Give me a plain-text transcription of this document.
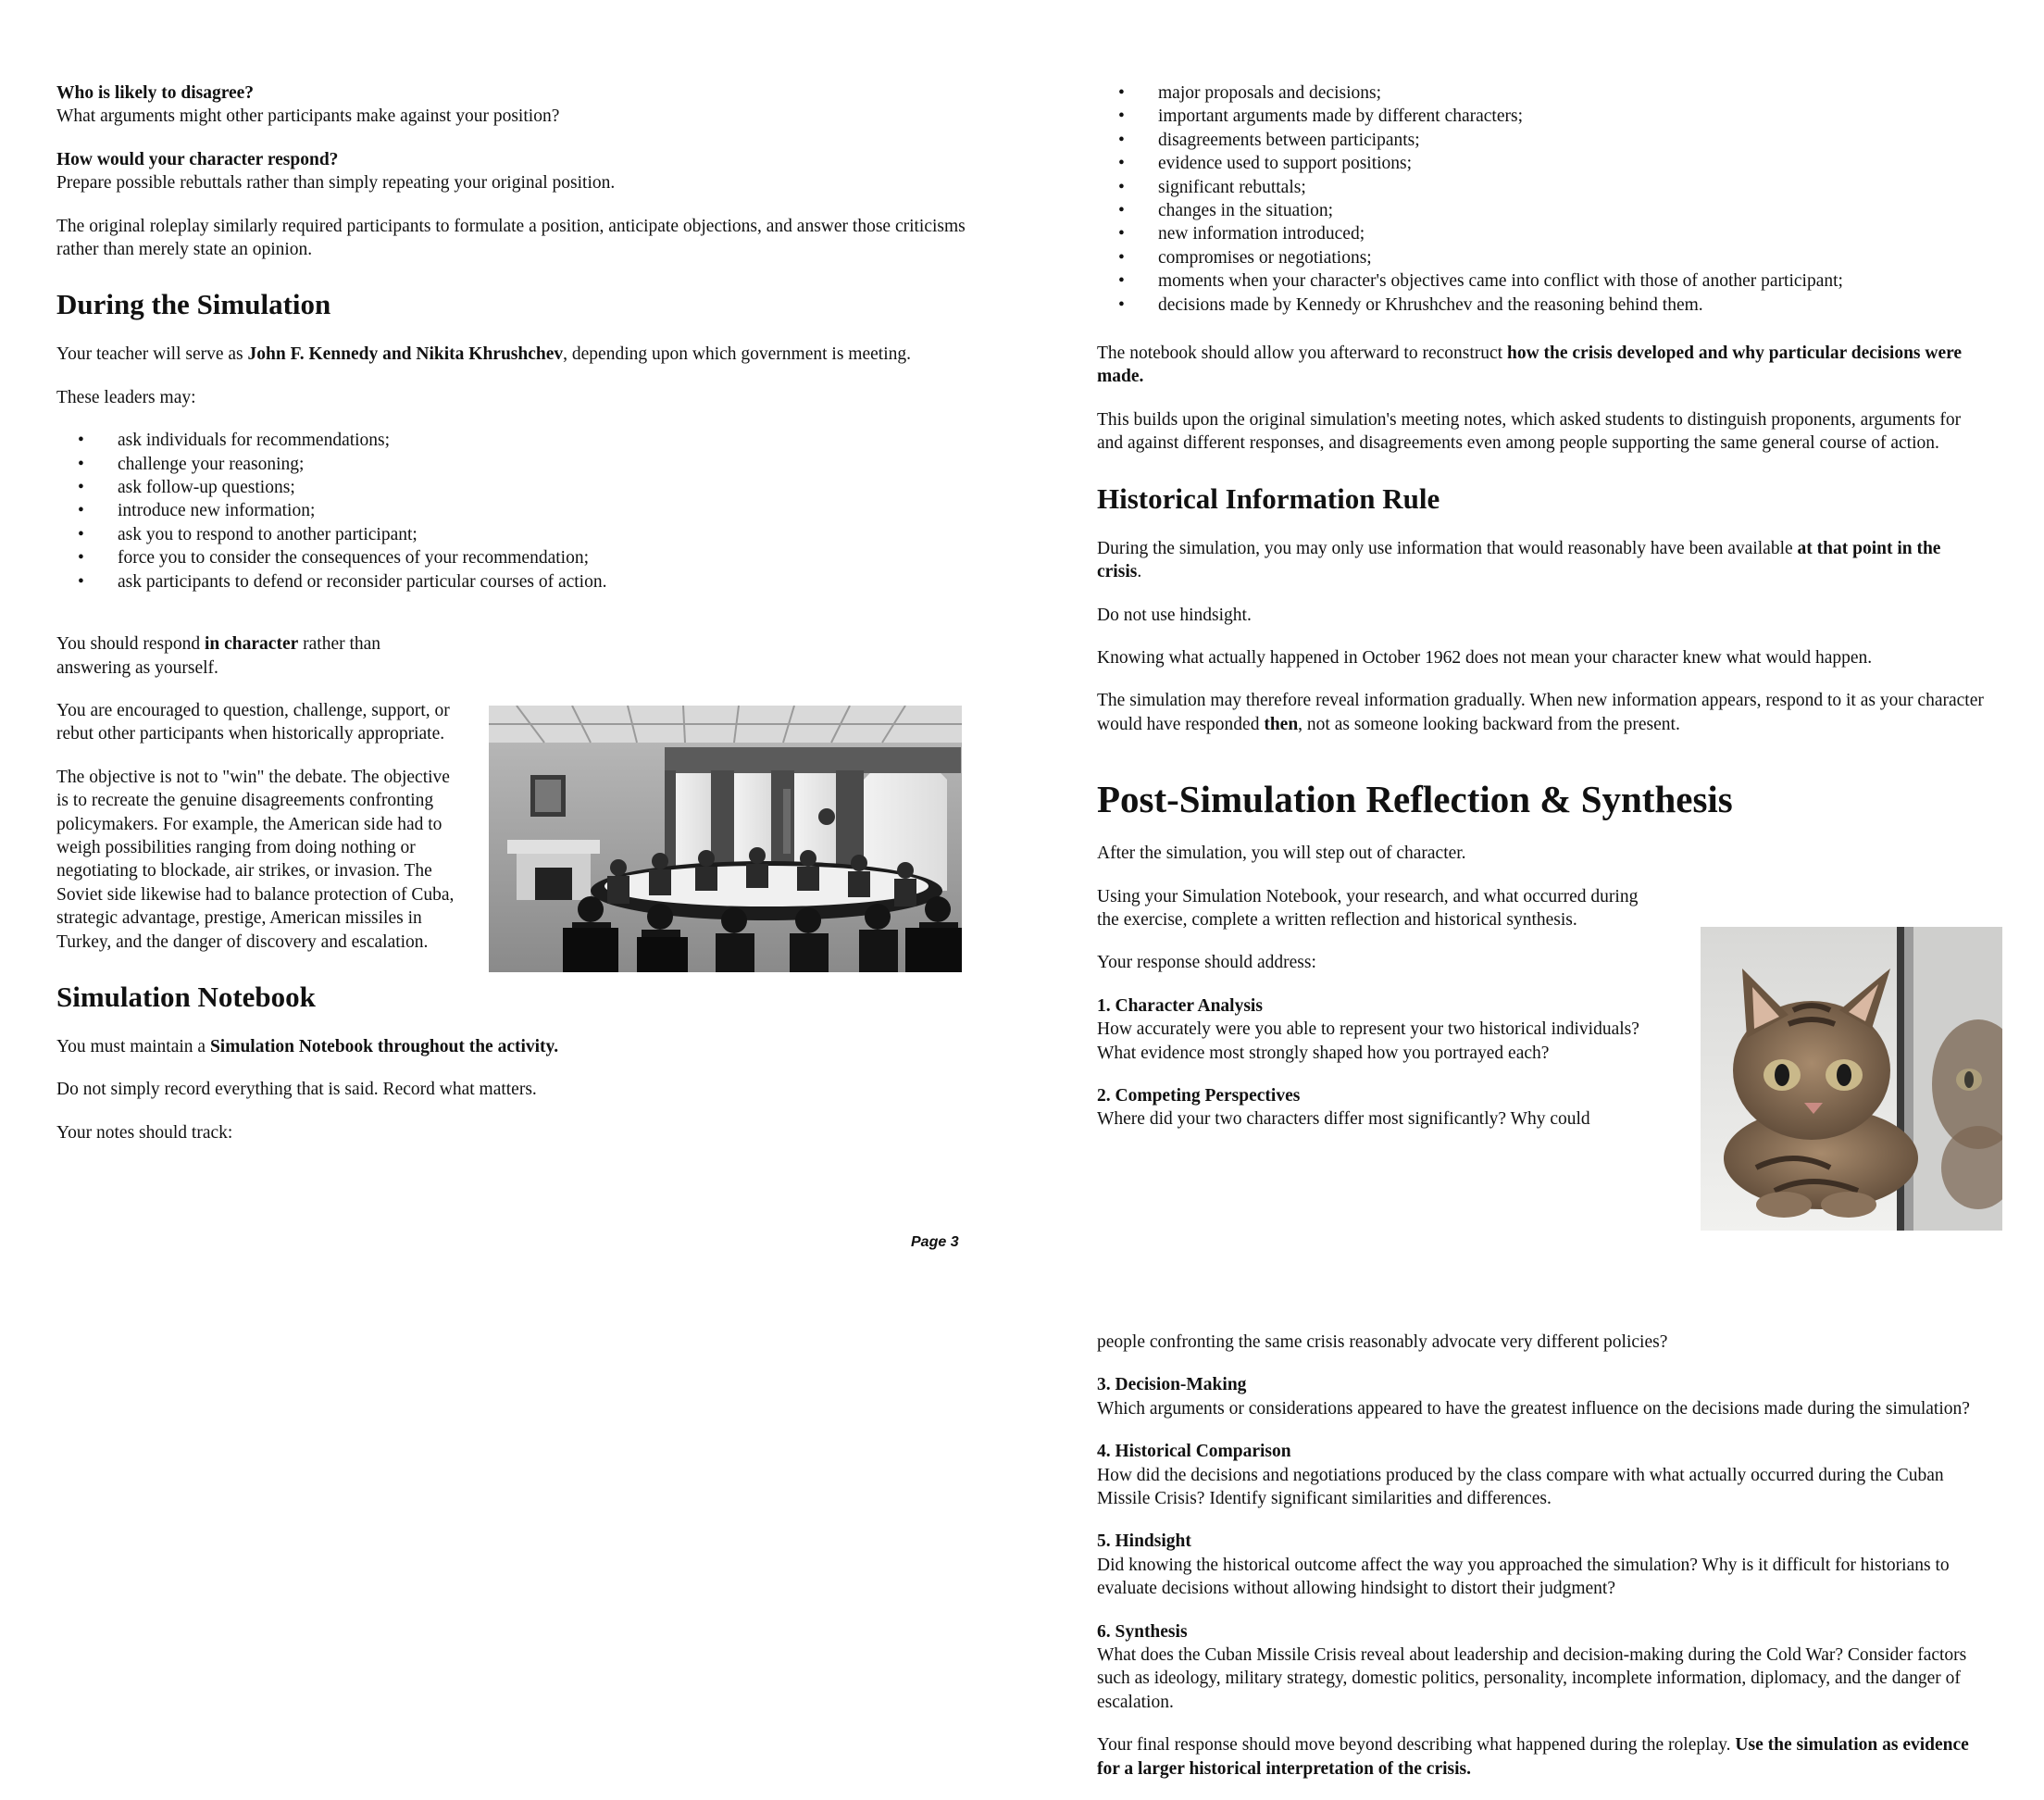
Who is likely to disagree?
What arguments might other participants make against your position?

How would your character respond?
Prepare possible rebuttals rather than simply repeating your original position.

The original roleplay similarly required participants to formulate a position, anticipate objections, and answer those criticisms rather than merely state an opinion.

During the Simulation

Your teacher will serve as John F. Kennedy and Nikita Khrushchev, depending upon which government is meeting.

These leaders may:

• ask individuals for recommendations;
• challenge your reasoning;
• ask follow-up questions;
• introduce new information;
• ask you to respond to another participant;
• force you to consider the consequences of your recommendation;
• ask participants to defend or reconsider particular courses of action.

You should respond in character rather than answering as yourself.

You are encouraged to question, challenge, support, or rebut other participants when historically appropriate.

The objective is not to "win" the debate. The objective is to recreate the genuine disagreements confronting policymakers. For example, the American side had to weigh possibilities ranging from doing nothing or negotiating to blockade, air strikes, or invasion. The Soviet side likewise had to balance protection of Cuba, strategic advantage, prestige, American missiles in Turkey, and the danger of discovery and escalation.

Simulation Notebook

You must maintain a Simulation Notebook throughout the activity.

Do not simply record everything that is said. Record what matters.

Your notes should track:

Page 3
• major proposals and decisions;
• important arguments made by different characters;
• disagreements between participants;
• evidence used to support positions;
• significant rebuttals;
• changes in the situation;
• new information introduced;
• compromises or negotiations;
• moments when your character's objectives came into conflict with those of another participant;
• decisions made by Kennedy or Khrushchev and the reasoning behind them.

The notebook should allow you afterward to reconstruct how the crisis developed and why particular decisions were made.

This builds upon the original simulation's meeting notes, which asked students to distinguish proponents, arguments for and against different responses, and disagreements even among people supporting the same general course of action.

Historical Information Rule

During the simulation, you may only use information that would reasonably have been available at that point in the crisis.

Do not use hindsight.

Knowing what actually happened in October 1962 does not mean your character knew what would happen.

The simulation may therefore reveal information gradually. When new information appears, respond to it as your character would have responded then, not as someone looking backward from the present.

Post-Simulation Reflection & Synthesis

After the simulation, you will step out of character.

Using your Simulation Notebook, your research, and what occurred during the exercise, complete a written reflection and historical synthesis.

Your response should address:

1. Character Analysis
How accurately were you able to represent your two historical individuals? What evidence most strongly shaped how you portrayed each?

2. Competing Perspectives
Where did your two characters differ most significantly? Why could

people confronting the same crisis reasonably advocate very different policies?

3. Decision-Making
Which arguments or considerations appeared to have the greatest influence on the decisions made during the simulation?

4. Historical Comparison
How did the decisions and negotiations produced by the class compare with what actually occurred during the Cuban Missile Crisis? Identify significant similarities and differences.

5. Hindsight
Did knowing the historical outcome affect the way you approached the simulation? Why is it difficult for historians to evaluate decisions without allowing hindsight to distort their judgment?

6. Synthesis
What does the Cuban Missile Crisis reveal about leadership and decision-making during the Cold War? Consider factors such as ideology, military strategy, domestic politics, personality, incomplete information, diplomacy, and the danger of escalation.

Your final response should move beyond describing what happened during the roleplay. Use the simulation as evidence for a larger historical interpretation of the crisis.
